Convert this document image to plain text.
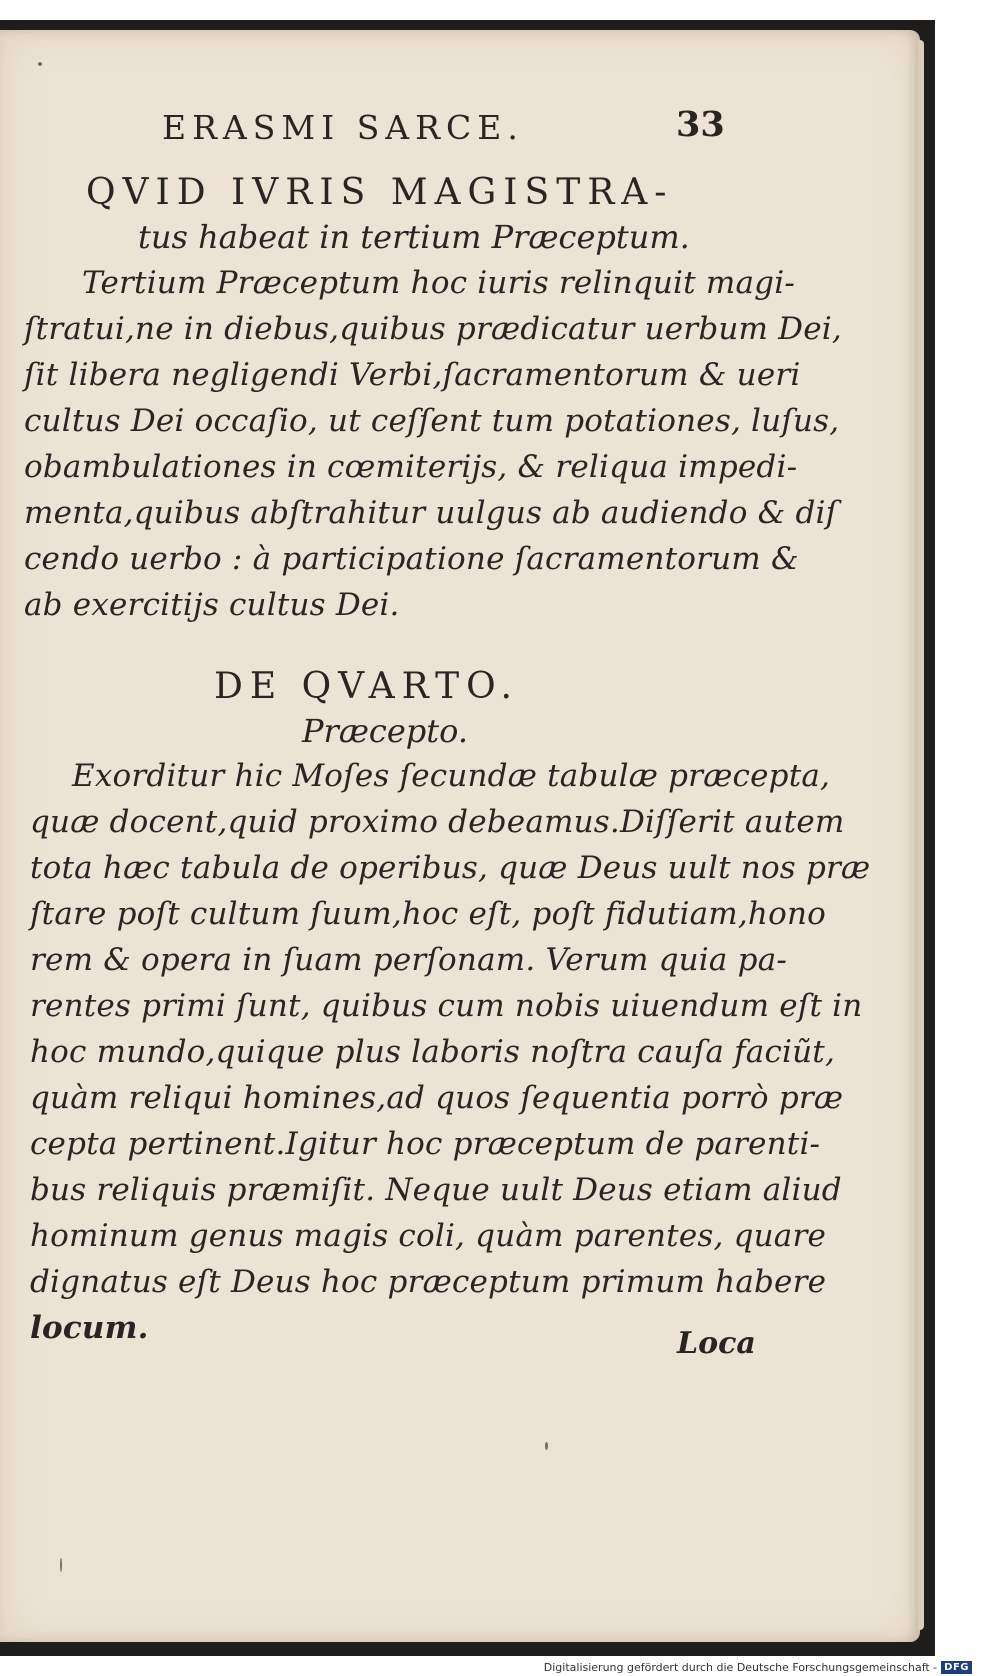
ERASMI SARCE.	33
QVID IVRIS MAGISTRA-
tus habeat in tertium Præceptum.
Tertium Præceptum hoc iuris relinquit magi-
ſtratui,ne in diebus,quibus prædicatur uerbum Dei,
ſit libera negligendi Verbi,ſacramentorum & ueri
cultus Dei occaſio, ut ceſſent tum potationes, luſus,
obambulationes in cœmiterijs, & reliqua impedi-
menta,quibus abſtrahitur uulgus ab audiendo & diſ
cendo uerbo : à participatione ſacramentorum &
ab exercitijs cultus Dei.
DE QVARTO.
Præcepto.
Exorditur hic Moſes ſecundæ tabulæ præcepta,
quæ docent,quid proximo debeamus.Diſſerit autem
tota hæc tabula de operibus, quæ Deus uult nos præ
ſtare poſt cultum ſuum,hoc eſt, poſt fidutiam,hono
rem & opera in ſuam perſonam. Verum quia pa-
rentes primi ſunt, quibus cum nobis uiuendum eſt in
hoc mundo,quique plus laboris noſtra cauſa faciũt,
quàm reliqui homines,ad quos ſequentia porrò præ
cepta pertinent.Igitur hoc præceptum de parenti-
bus reliquis præmiſit. Neque uult Deus etiam aliud
hominum genus magis coli, quàm parentes, quare
dignatus eſt Deus hoc præceptum primum habere
locum.	Loca
Digitalisierung gefördert durch die Deutsche Forschungsgemeinschaft - DFG
